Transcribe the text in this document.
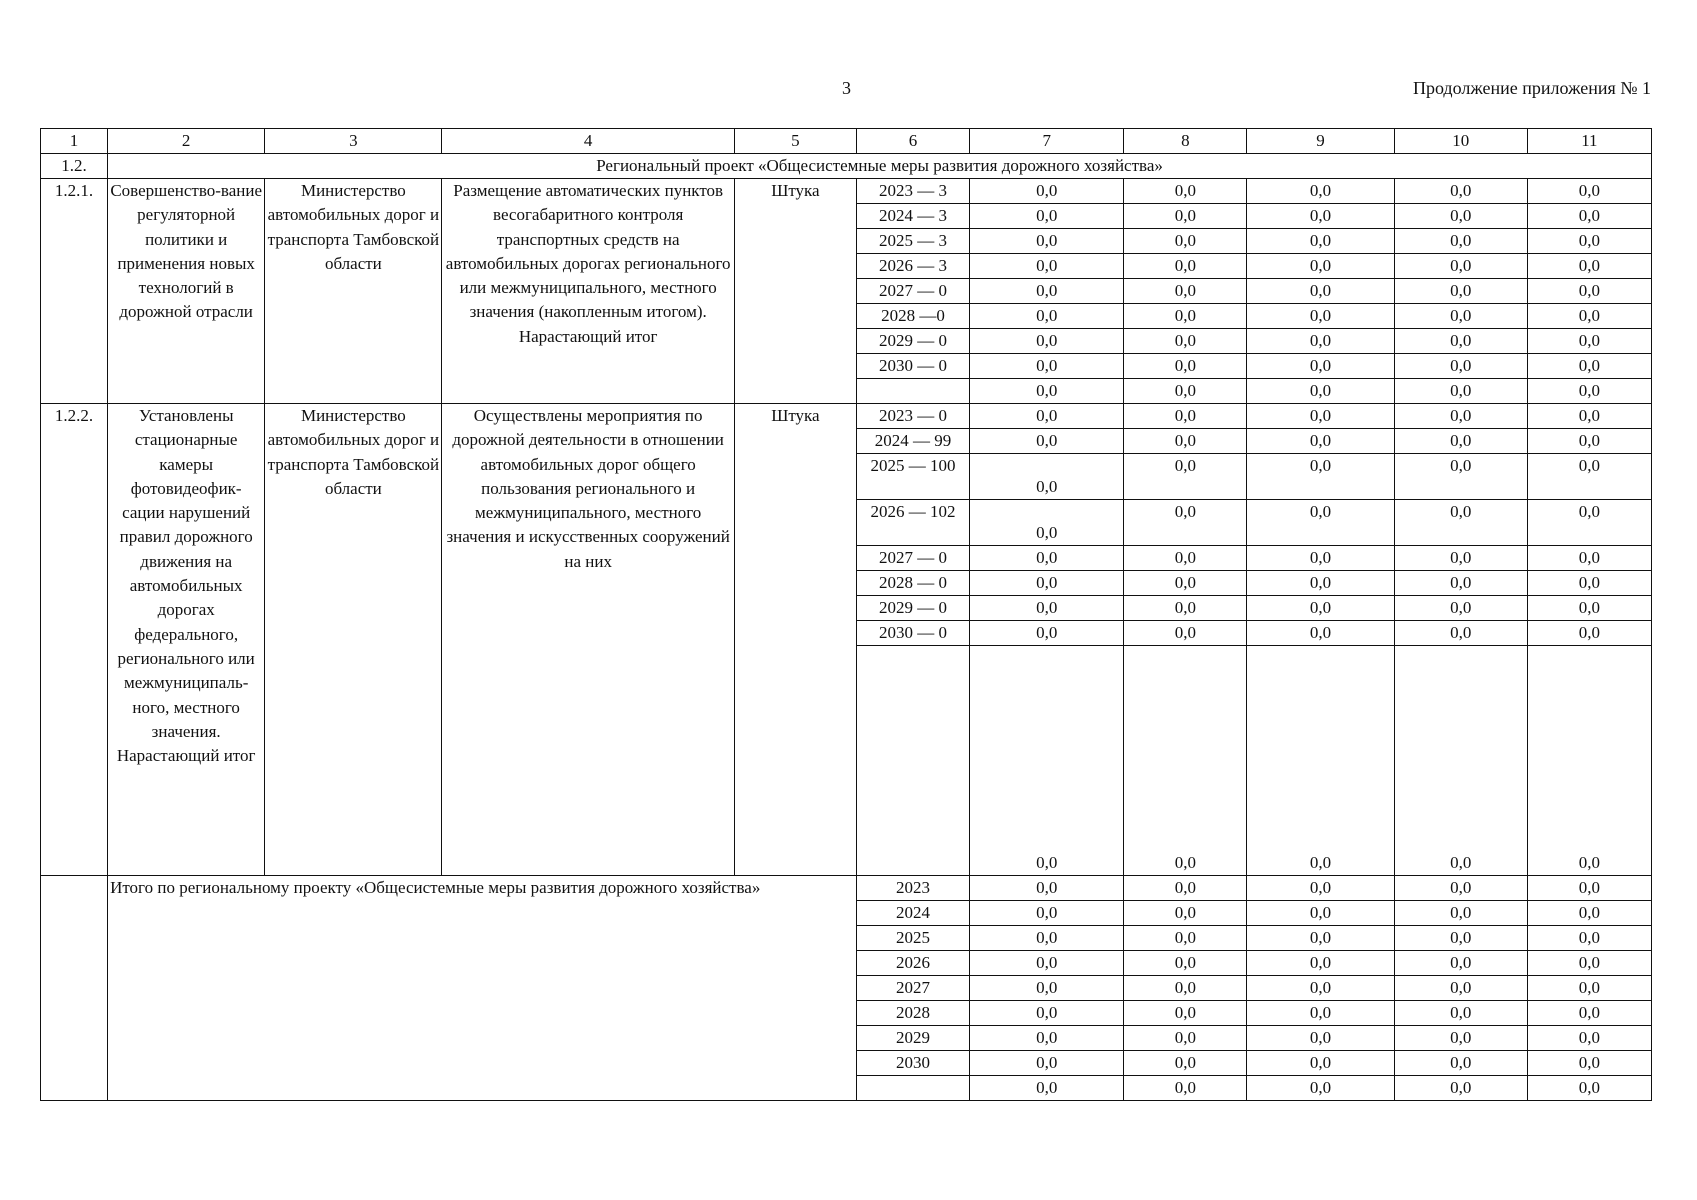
3	Продолжение приложения № 1
1	2	3	4	5	6	7	8	9	10	11
1.2.	Региональный проект «Общесистемные меры развития дорожного хозяйства»									
1.2.1.	Совершенство-вание регуляторной политики и применения новых технологий в дорожной отрасли	Министерство автомобильных дорог и транспорта Тамбовской области	Размещение автоматических пунктов весогабаритного контроля транспортных средств на автомобильных дорогах регионального или межмуниципального, местного значения (накопленным итогом). Нарастающий итог	Штука	2023 — 3	0,0	0,0	0,0	0,0	0,0
					2024 — 3	0,0	0,0	0,0	0,0	0,0
					2025 — 3	0,0	0,0	0,0	0,0	0,0
					2026 — 3	0,0	0,0	0,0	0,0	0,0
					2027 — 0	0,0	0,0	0,0	0,0	0,0
					2028 —0	0,0	0,0	0,0	0,0	0,0
					2029 — 0	0,0	0,0	0,0	0,0	0,0
					2030 — 0	0,0	0,0	0,0	0,0	0,0
						0,0	0,0	0,0	0,0	0,0
1.2.2.	Установлены стационарные камеры фотовидеофик-сации нарушений правил дорожного движения на автомобильных дорогах федерального, регионального или межмуниципаль-ного, местного значения. Нарастающий итог	Министерство автомобильных дорог и транспорта Тамбовской области	Осуществлены мероприятия по дорожной деятельности в отношении автомобильных дорог общего пользования регионального и межмуниципального, местного значения и искусственных сооружений на них	Штука	2023 — 0	0,0	0,0	0,0	0,0	0,0
					2024 — 99	0,0	0,0	0,0	0,0	0,0
					2025 — 100	0,0	0,0	0,0	0,0	0,0
					2026 — 102	0,0	0,0	0,0	0,0	0,0
					2027 — 0	0,0	0,0	0,0	0,0	0,0
					2028 — 0	0,0	0,0	0,0	0,0	0,0
					2029 — 0	0,0	0,0	0,0	0,0	0,0
					2030 — 0	0,0	0,0	0,0	0,0	0,0
						0,0	0,0	0,0	0,0	0,0
	Итого по региональному проекту «Общесистемные меры развития дорожного хозяйства»				2023	0,0	0,0	0,0	0,0	0,0
					2024	0,0	0,0	0,0	0,0	0,0
					2025	0,0	0,0	0,0	0,0	0,0
					2026	0,0	0,0	0,0	0,0	0,0
					2027	0,0	0,0	0,0	0,0	0,0
					2028	0,0	0,0	0,0	0,0	0,0
					2029	0,0	0,0	0,0	0,0	0,0
					2030	0,0	0,0	0,0	0,0	0,0
						0,0	0,0	0,0	0,0	0,0
